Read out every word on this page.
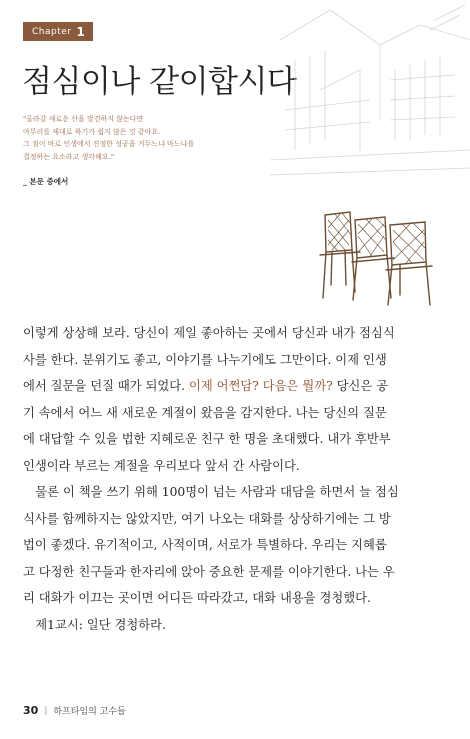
Chapter 1
점심이나 같이합시다
"올라갈 새로운 산을 발견하지 않는다면
아무리를 제대로 하기가 쉽지 않은 것 같아요.
그 점이 바로 인생에서 진정한 성공을 거두느냐 마느냐를
결정하는 요소라고 생각해요."
_ 본문 중에서
이렇게 상상해 보라. 당신이 제일 좋아하는 곳에서 당신과 내가 점심식
사를 한다. 분위기도 좋고, 이야기를 나누기에도 그만이다. 이제 인생
에서 질문을 던질 때가 되었다. 이제 어쩐담? 다음은 뭘까? 당신은 공
기 속에서 어느 새 새로운 계절이 왔음을 감지한다. 나는 당신의 질문
에 대답할 수 있을 법한 지혜로운 친구 한 명을 초대했다. 내가 후반부
인생이라 부르는 계절을 우리보다 앞서 간 사람이다.
　물론 이 책을 쓰기 위해 100명이 넘는 사람과 대담을 하면서 늘 점심
식사를 함께하지는 않았지만, 여기 나오는 대화를 상상하기에는 그 방
법이 좋겠다. 유기적이고, 사적이며, 서로가 특별하다. 우리는 지혜롭
고 다정한 친구들과 한자리에 앉아 중요한 문제를 이야기한다. 나는 우
리 대화가 이끄는 곳이면 어디든 따라갔고, 대화 내용을 경청했다.
　제1교시: 일단 경청하라.
30 | 하프타임의 고수들
